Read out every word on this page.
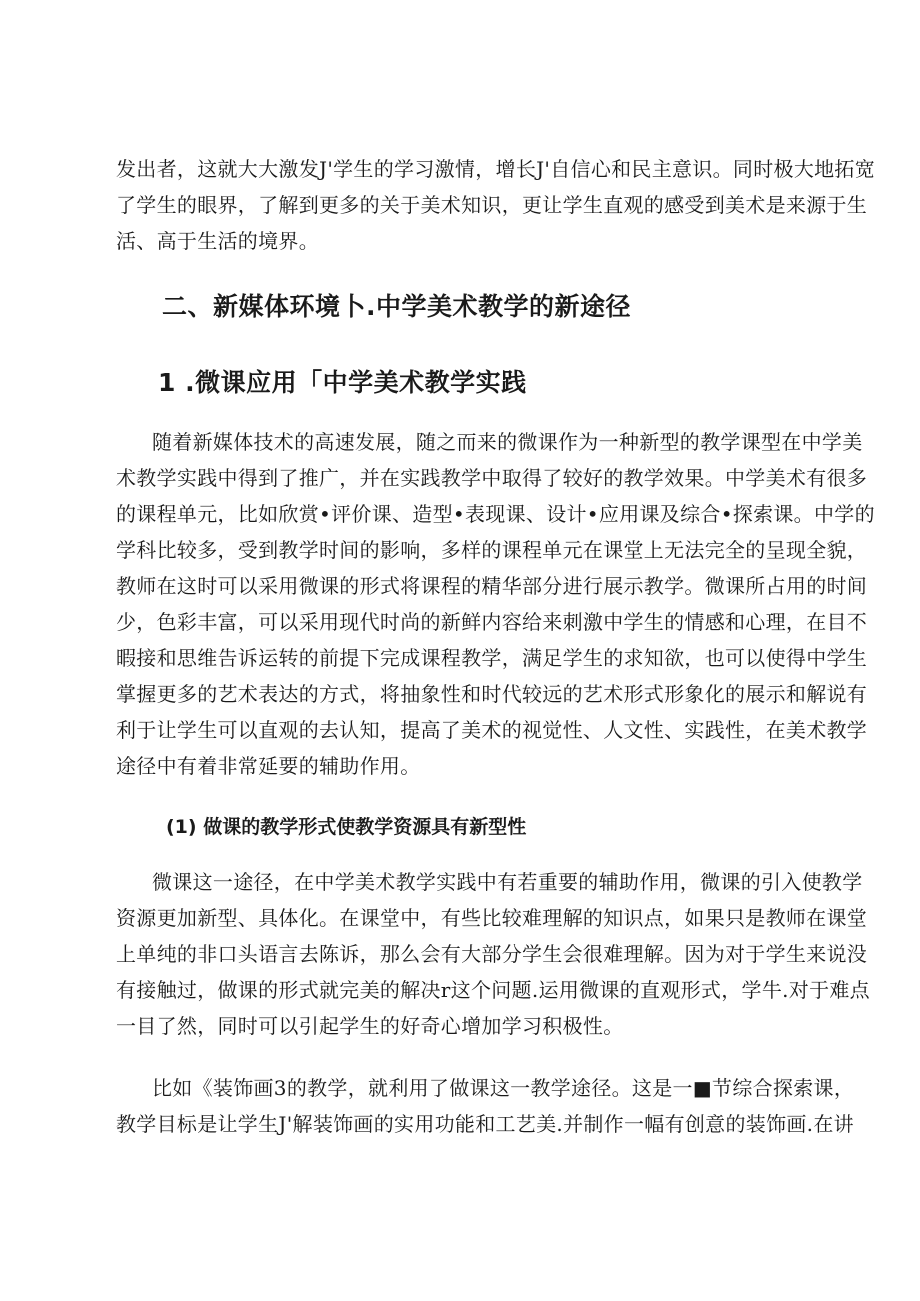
发出者，这就大大激发J'学生的学习激情，增长J'自信心和民主意识。同时极大地拓宽

了学生的眼界，了解到更多的关于美术知识，更让学生直观的感受到美术是来源于生

活、高于生活的境界。

二、新媒体环境卜.中学美术教学的新途径
1 .微课应用「中学美术教学实践

随着新媒体技术的高速发展，随之而来的微课作为一种新型的教学课型在中学美

术教学实践中得到了推广，并在实践教学中取得了较好的教学效果。中学美术有很多

的课程单元，比如欣赏•评价课、造型•表现课、设计•应用课及综合•探索课。中学的

学科比较多，受到教学时间的影响，多样的课程单元在课堂上无法完全的呈现全貌，

教师在这时可以采用微课的形式将课程的精华部分进行展示教学。微课所占用的时间

少，色彩丰富，可以采用现代时尚的新鲜内容给来刺激中学生的情感和心理，在目不

暇接和思维告诉运转的前提下完成课程教学，满足学生的求知欲，也可以使得中学生

掌握更多的艺术表达的方式，将抽象性和时代较远的艺术形式形象化的展示和解说有

利于让学生可以直观的去认知，提高了美术的视觉性、人文性、实践性，在美术教学

途径中有着非常延要的辅助作用。

(1) 做课的教学形式使教学资源具有新型性

微课这一途径，在中学美术教学实践中有若重要的辅助作用，微课的引入使教学

资源更加新型、具体化。在课堂中，有些比较难理解的知识点，如果只是教师在课堂

上单纯的非口头语言去陈诉，那么会有大部分学生会很难理解。因为对于学生来说没

有接触过，做课的形式就完美的解决r这个问题.运用微课的直观形式，学牛.对于难点

一目了然，同时可以引起学生的好奇心增加学习积极性。

比如《装饰画3的教学，就利用了做课这一教学途径。这是一■节综合探索课，

教学目标是让学生J'解装饰画的实用功能和工艺美.并制作一幅有创意的装饰画.在讲
